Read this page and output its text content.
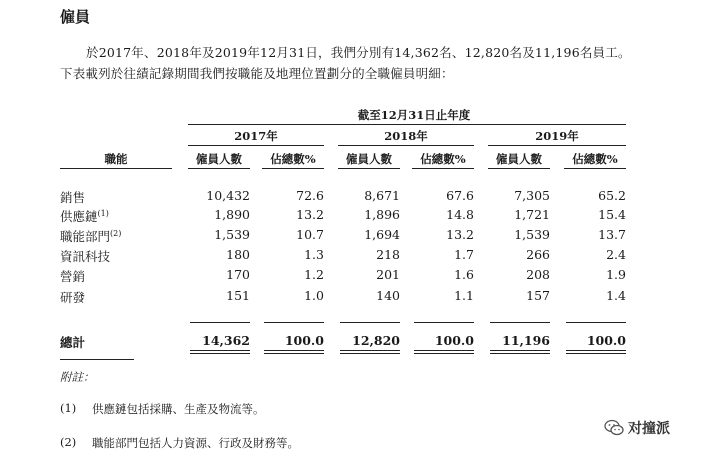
僱員
於2017年、2018年及2019年12月31日，我們分別有14,362名、12,820名及11,196名員工。
下表載列於往績記錄期間我們按職能及地理位置劃分的全職僱員明細：
截至12月31日止年度
2017年	2018年	2019年
職能	僱員人數	佔總數%	僱員人數	佔總數%	僱員人數	佔總數%
銷售	10,432	72.6	8,671	67.6	7,305	65.2
供應鏈$^{(1)}$	1,890	13.2	1,896	14.8	1,721	15.4
職能部門$^{(2)}$	1,539	10.7	1,694	13.2	1,539	13.7
資訊科技	180	1.3	218	1.7	266	2.4
營銷	170	1.2	201	1.6	208	1.9
研發	151	1.0	140	1.1	157	1.4
總計	14,362	100.0	12,820	100.0	11,196	100.0
附註：
(1) 供應鏈包括採購、生產及物流等。
(2) 職能部門包括人力資源、行政及財務等。
对撞派
